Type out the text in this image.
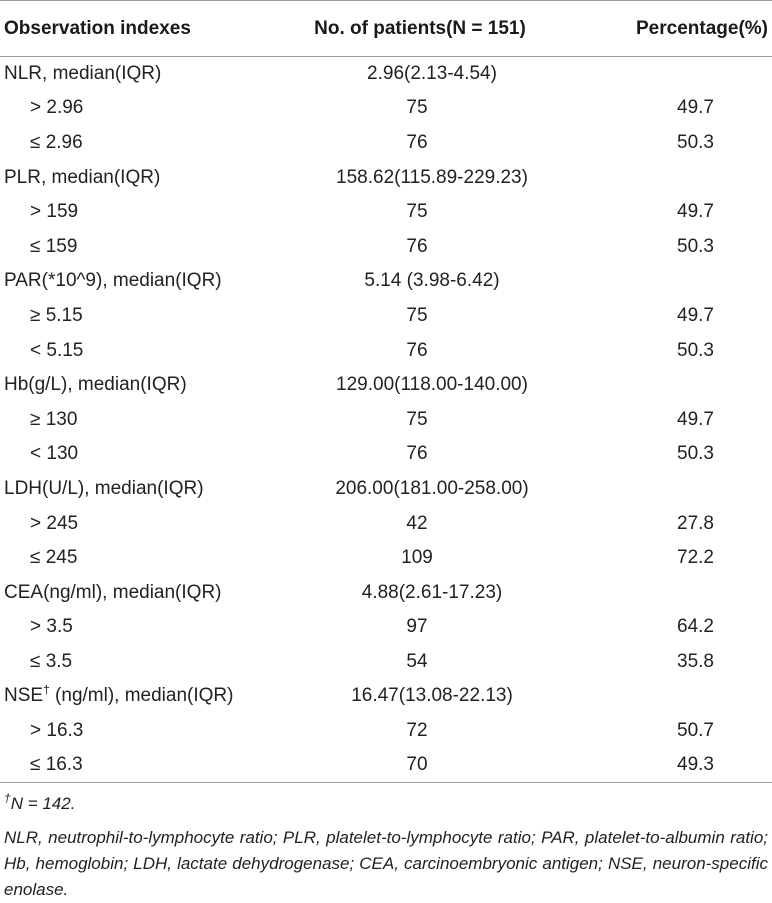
Observation indexes	No. of patients(N = 151)	Percentage(%)
NLR, median(IQR)	2.96(2.13-4.54)	
> 2.96	75	49.7
≤ 2.96	76	50.3
PLR, median(IQR)	158.62(115.89-229.23)	
> 159	75	49.7
≤ 159	76	50.3
PAR(*10^9), median(IQR)	5.14 (3.98-6.42)	
≥ 5.15	75	49.7
< 5.15	76	50.3
Hb(g/L), median(IQR)	129.00(118.00-140.00)	
≥ 130	75	49.7
< 130	76	50.3
LDH(U/L), median(IQR)	206.00(181.00-258.00)	
> 245	42	27.8
≤ 245	109	72.2
CEA(ng/ml), median(IQR)	4.88(2.61-17.23)	
> 3.5	97	64.2
≤ 3.5	54	35.8
NSE† (ng/ml), median(IQR)	16.47(13.08-22.13)	
> 16.3	72	50.7
≤ 16.3	70	49.3

†N = 142.

NLR, neutrophil-to-lymphocyte ratio; PLR, platelet-to-lymphocyte ratio; PAR, platelet-to-albumin ratio; Hb, hemoglobin; LDH, lactate dehydrogenase; CEA, carcinoembryonic antigen; NSE, neuron-specific enolase.
